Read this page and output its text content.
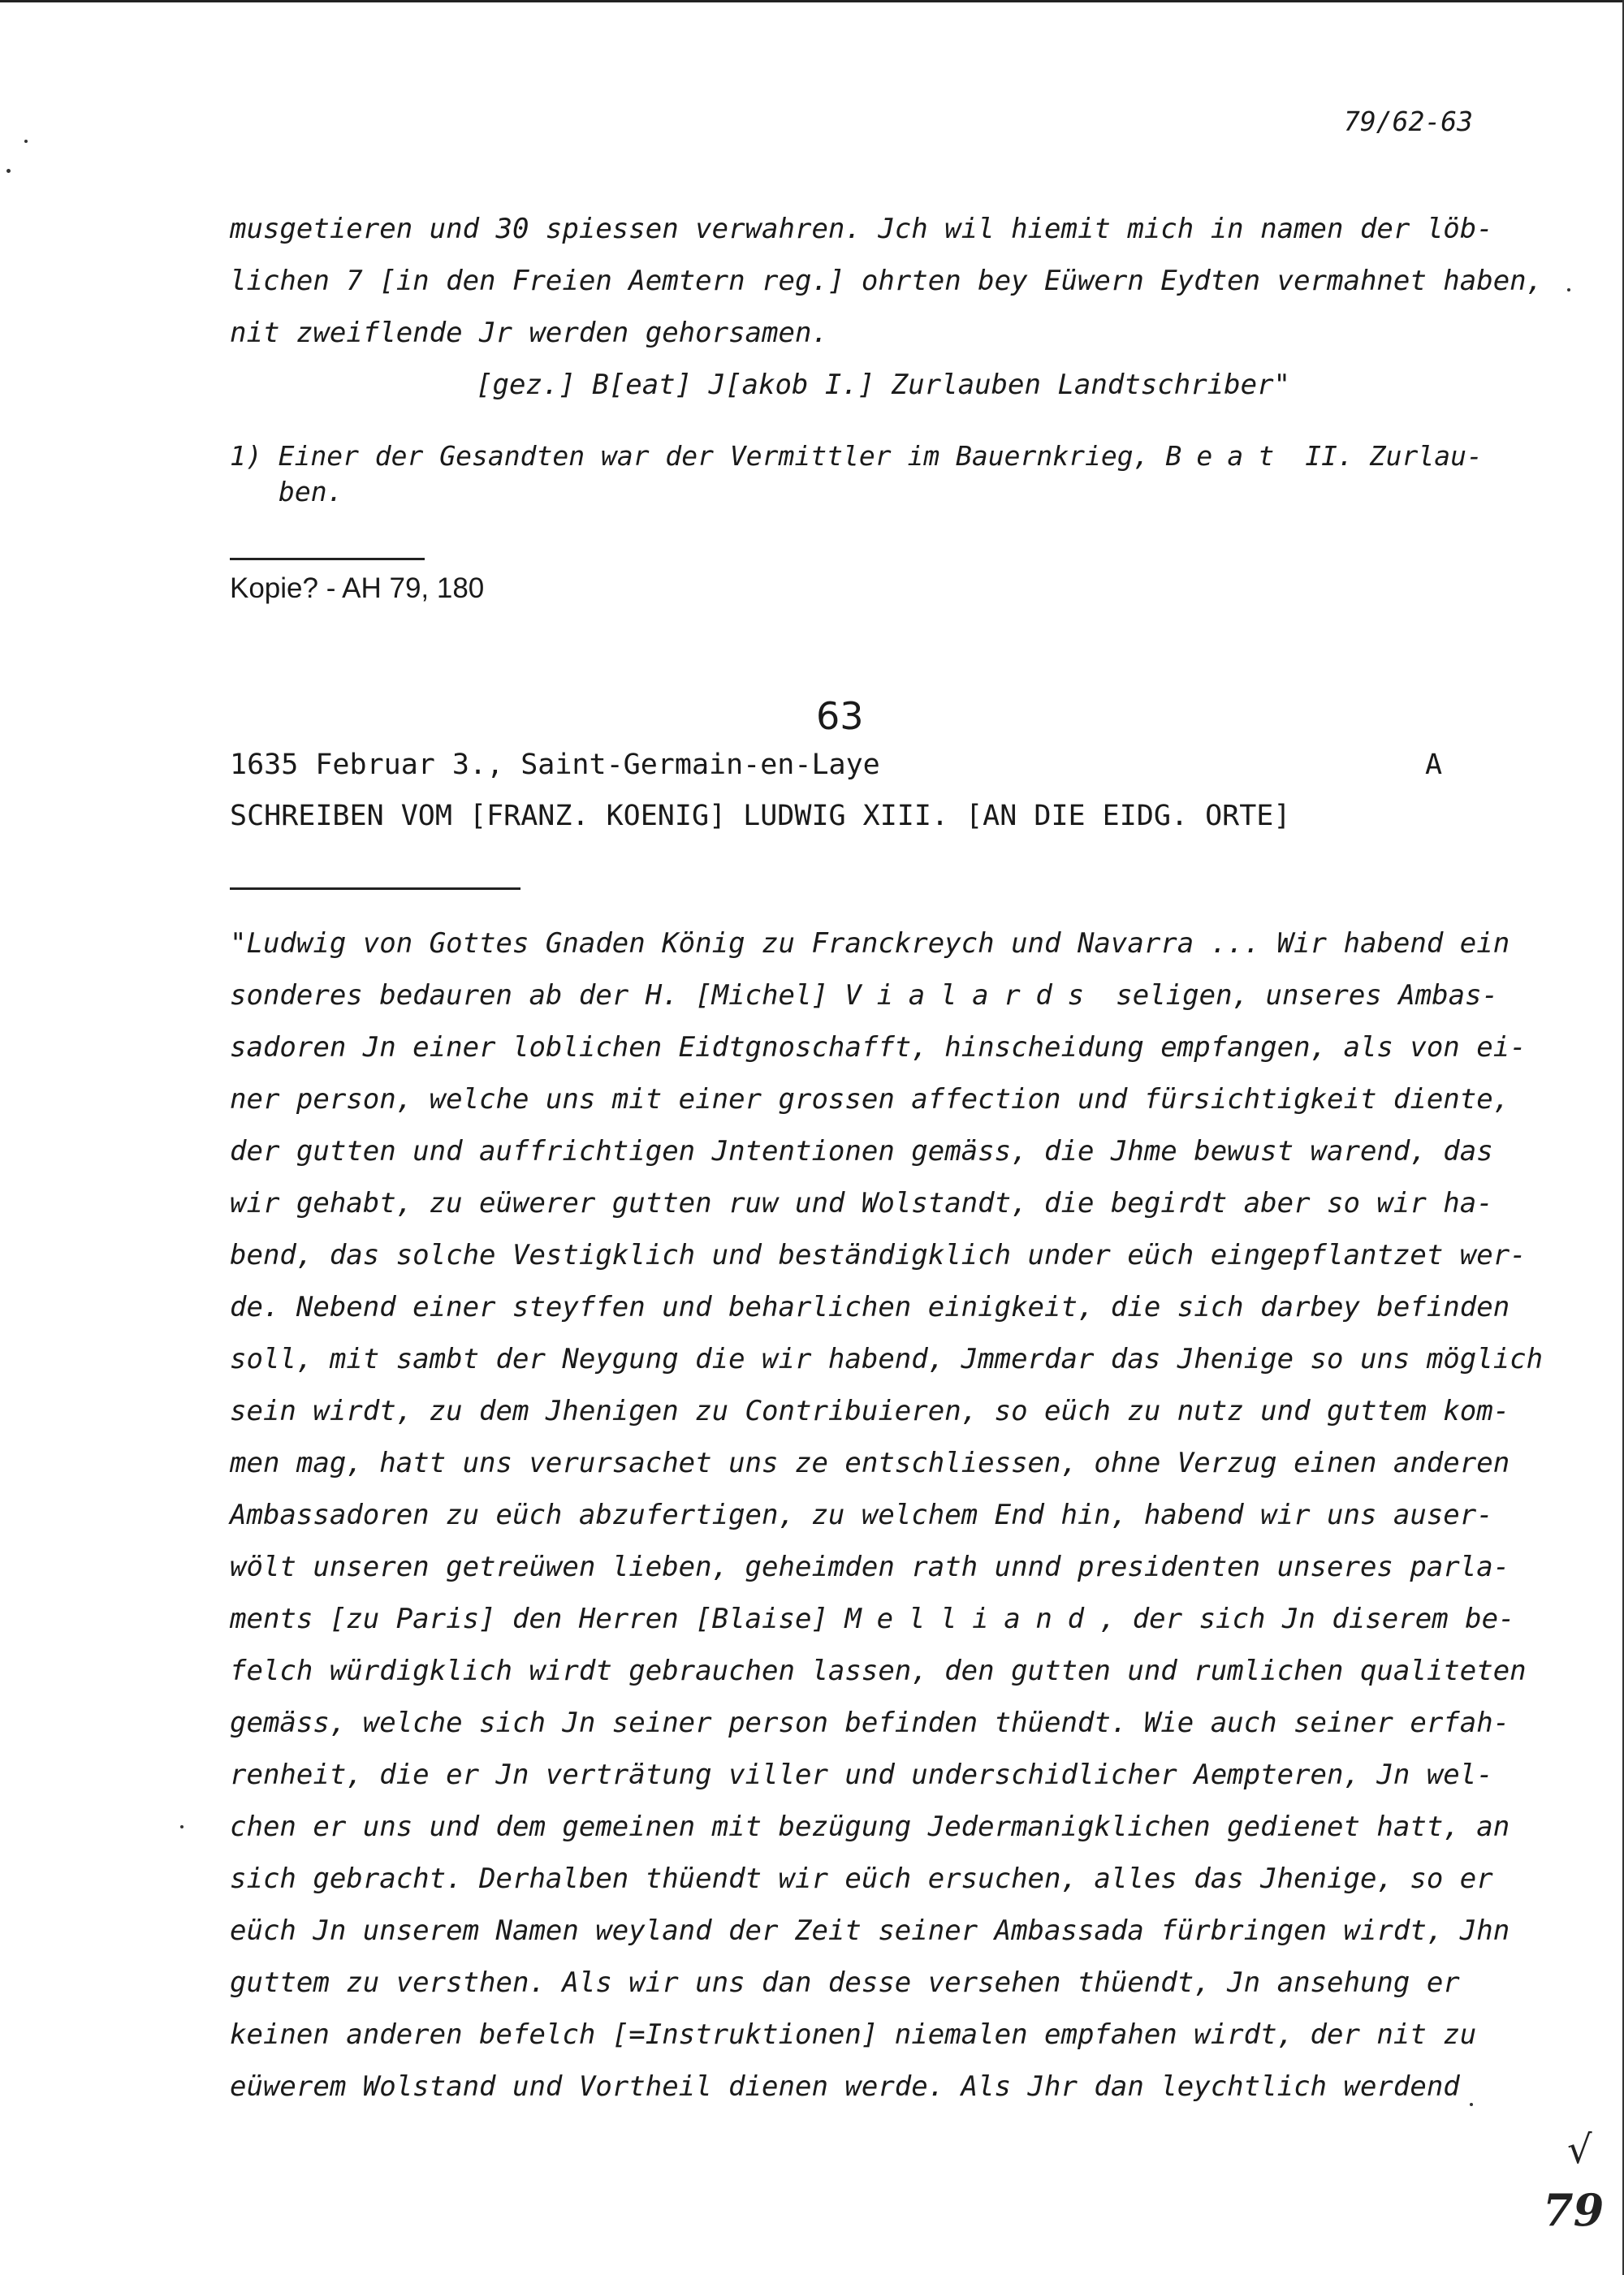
79/62-63
musgetieren und 30 spiessen verwahren. Jch wil hiemit mich in namen der löb-
lichen 7 [in den Freien Aemtern reg.] ohrten bey Eüwern Eydten vermahnet haben,
nit zweiflende Jr werden gehorsamen.
[gez.] B[eat] J[akob I.] Zurlauben Landtschriber"
1) Einer der Gesandten war der Vermittler im Bauernkrieg, Beat II. Zurlau-
ben.
Kopie? - AH 79, 180
63
1635 Februar 3., Saint-Germain-en-Laye	A
SCHREIBEN VOM [FRANZ. KOENIG] LUDWIG XIII. [AN DIE EIDG. ORTE]
"Ludwig von Gottes Gnaden König zu Franckreych und Navarra ... Wir habend ein
sonderes bedauren ab der H. [Michel] Vialards seligen, unseres Ambas-
sadoren Jn einer loblichen Eidtgnoschafft, hinscheidung empfangen, als von ei-
ner person, welche uns mit einer grossen affection und fürsichtigkeit diente,
der gutten und auffrichtigen Jntentionen gemäss, die Jhme bewust warend, das
wir gehabt, zu eüwerer gutten ruw und Wolstandt, die begirdt aber so wir ha-
bend, das solche Vestigklich und beständigklich under eüch eingepflantzet wer-
de. Nebend einer steyffen und beharlichen einigkeit, die sich darbey befinden
soll, mit sambt der Neygung die wir habend, Jmmerdar das Jhenige so uns möglich
sein wirdt, zu dem Jhenigen zu Contribuieren, so eüch zu nutz und guttem kom-
men mag, hatt uns verursachet uns ze entschliessen, ohne Verzug einen anderen
Ambassadoren zu eüch abzufertigen, zu welchem End hin, habend wir uns auser-
wölt unseren getreüwen lieben, geheimden rath unnd presidenten unseres parla-
ments [zu Paris] den Herren [Blaise] Melliand, der sich Jn diserem be-
felch würdigklich wirdt gebrauchen lassen, den gutten und rumlichen qualiteten
gemäss, welche sich Jn seiner person befinden thüendt. Wie auch seiner erfah-
renheit, die er Jn verträtung viller und underschidlicher Aempteren, Jn wel-
chen er uns und dem gemeinen mit bezügung Jedermanigklichen gedienet hatt, an
sich gebracht. Derhalben thüendt wir eüch ersuchen, alles das Jhenige, so er
eüch Jn unserem Namen weyland der Zeit seiner Ambassada fürbringen wirdt, Jhn
guttem zu versthen. Als wir uns dan desse versehen thüendt, Jn ansehung er
keinen anderen befelch [=Instruktionen] niemalen empfahen wirdt, der nit zu
eüwerem Wolstand und Vortheil dienen werde. Als Jhr dan leychtlich werdend
√
79
